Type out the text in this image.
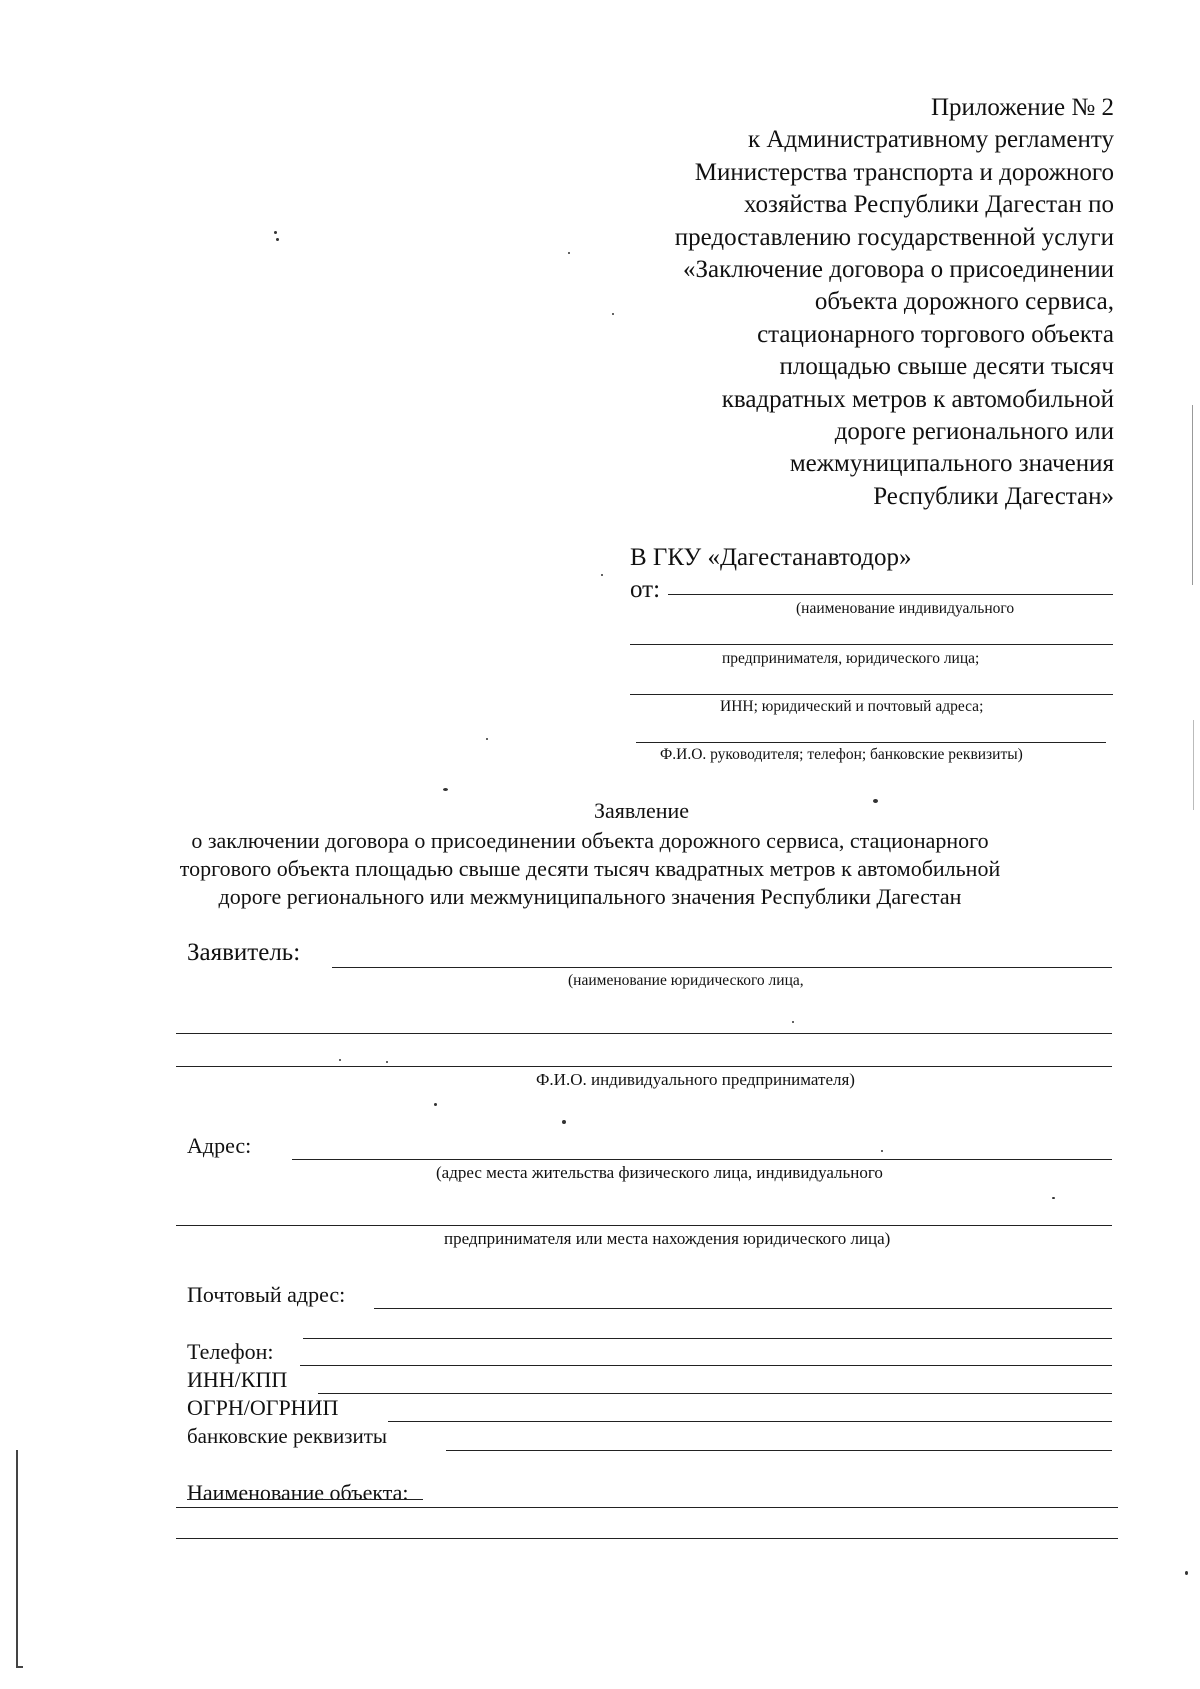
Приложение № 2
к Административному регламенту
Министерства транспорта и дорожного
хозяйства Республики Дагестан по
предоставлению государственной услуги
«Заключение договора о присоединении
объекта дорожного сервиса,
стационарного торгового объекта
площадью свыше десяти тысяч
квадратных метров к автомобильной
дороге регионального или
межмуниципального значения
Республики Дагестан»
В ГКУ «Дагестанавтодор»
от:
(наименование индивидуального
предпринимателя, юридического лица;
ИНН; юридический и почтовый адреса;
Ф.И.О. руководителя; телефон; банковские реквизиты)
Заявление
о заключении договора о присоединении объекта дорожного сервиса, стационарного
торгового объекта площадью свыше десяти тысяч квадратных метров к автомобильной
дороге регионального или межмуниципального значения Республики Дагестан
Заявитель:
(наименование юридического лица,
Ф.И.О. индивидуального предпринимателя)
Адрес:
(адрес места жительства физического лица, индивидуального
предпринимателя или места нахождения юридического лица)
Почтовый адрес:
Телефон:
ИНН/КПП
ОГРН/ОГРНИП
банковские реквизиты
Наименование объекта:
